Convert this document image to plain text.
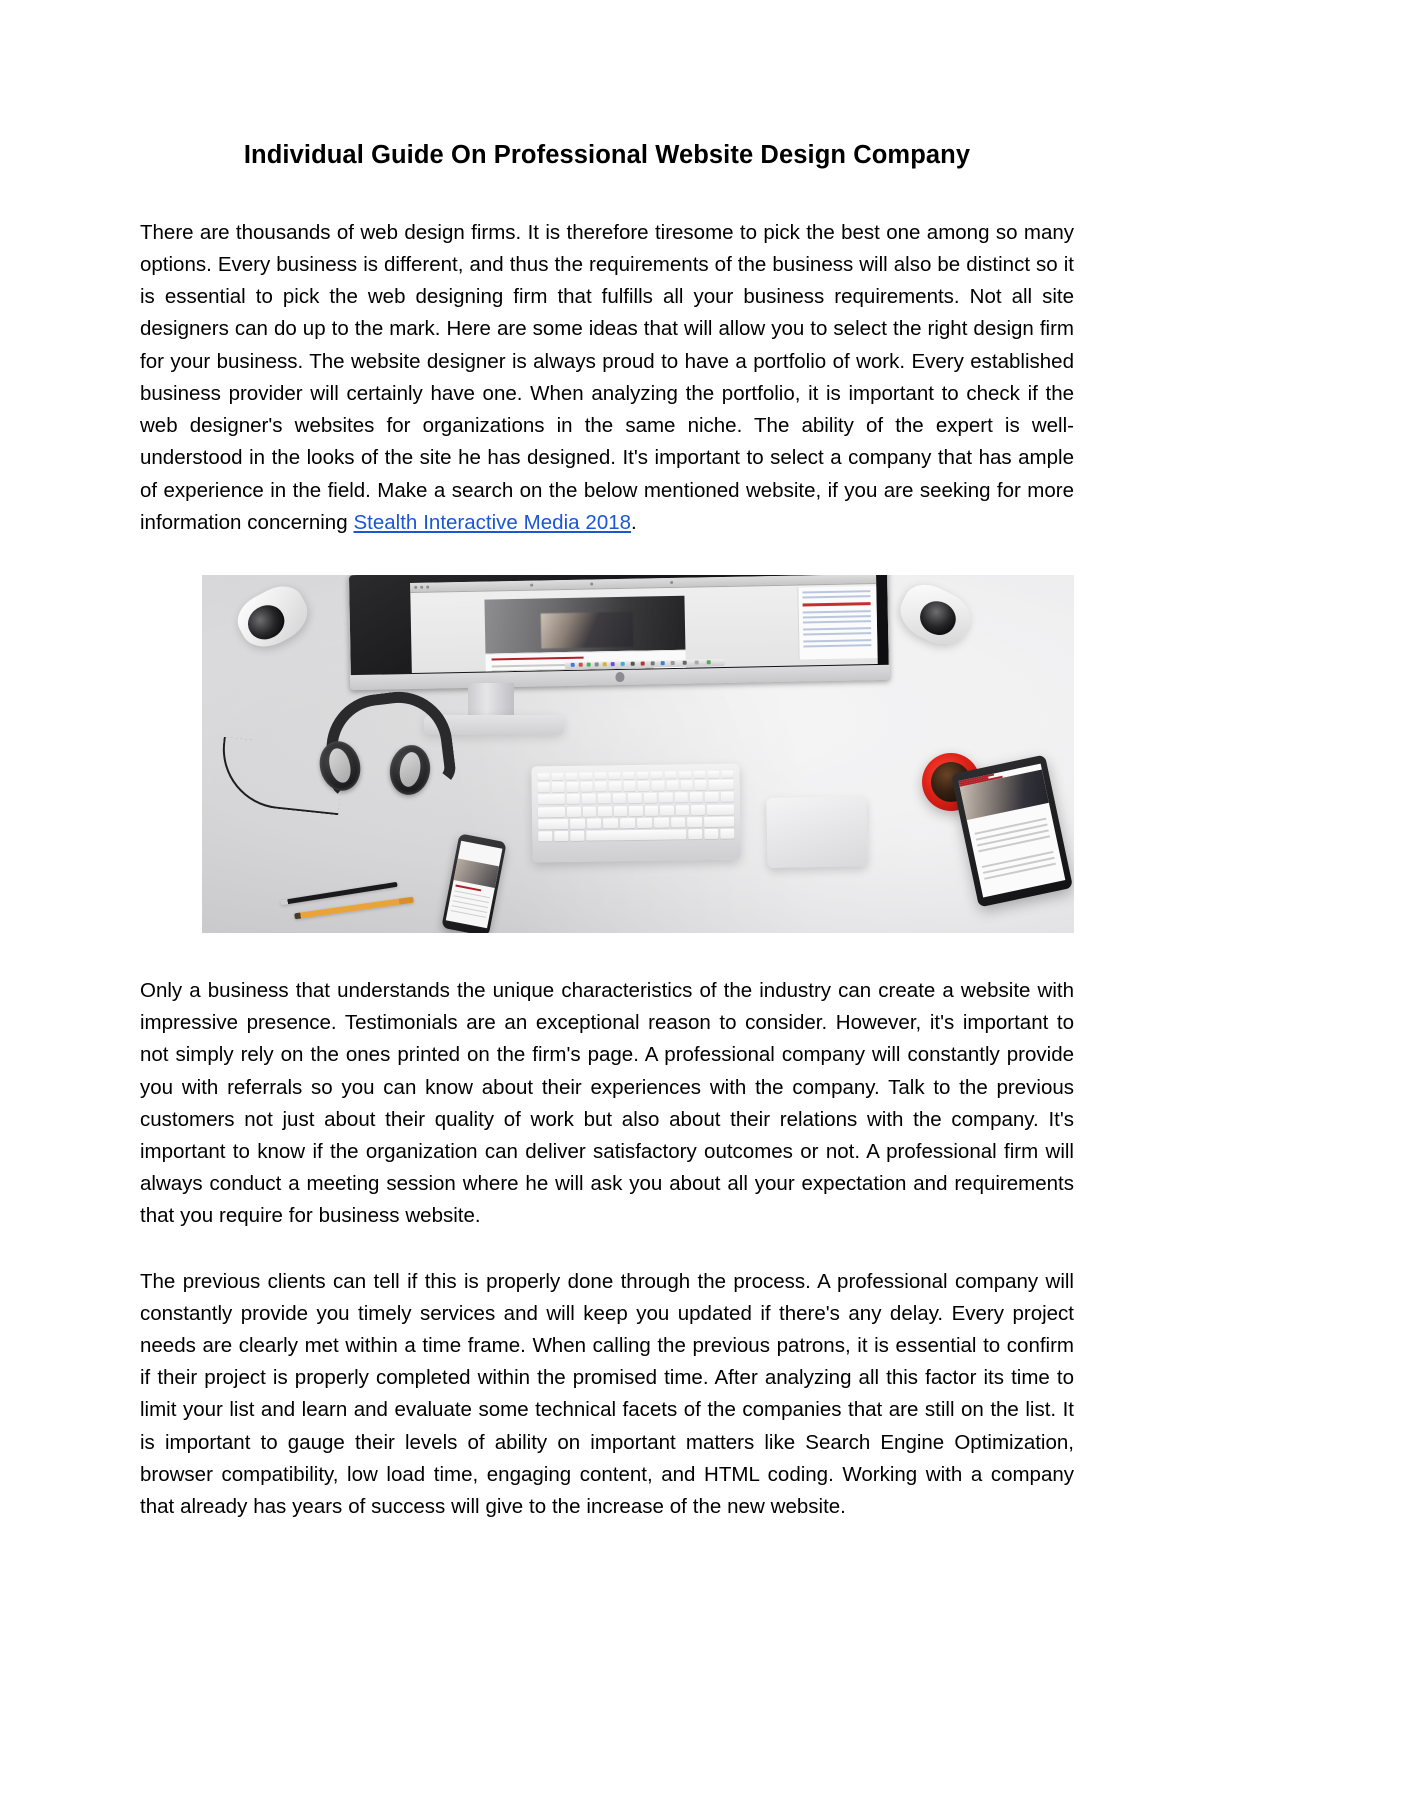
Individual Guide On Professional Website Design Company

There are thousands of web design firms. It is therefore tiresome to pick the best one among so many options. Every business is different, and thus the requirements of the business will also be distinct so it is essential to pick the web designing firm that fulfills all your business requirements. Not all site designers can do up to the mark. Here are some ideas that will allow you to select the right design firm for your business. The website designer is always proud to have a portfolio of work. Every established business provider will certainly have one. When analyzing the portfolio, it is important to check if the web designer's websites for organizations in the same niche. The ability of the expert is well-understood in the looks of the site he has designed. It's important to select a company that has ample of experience in the field. Make a search on the below mentioned website, if you are seeking for more information concerning Stealth Interactive Media 2018.

Only a business that understands the unique characteristics of the industry can create a website with impressive presence. Testimonials are an exceptional reason to consider. However, it's important to not simply rely on the ones printed on the firm's page. A professional company will constantly provide you with referrals so you can know about their experiences with the company. Talk to the previous customers not just about their quality of work but also about their relations with the company. It's important to know if the organization can deliver satisfactory outcomes or not. A professional firm will always conduct a meeting session where he will ask you about all your expectation and requirements that you require for business website.

The previous clients can tell if this is properly done through the process. A professional company will constantly provide you timely services and will keep you updated if there's any delay. Every project needs are clearly met within a time frame. When calling the previous patrons, it is essential to confirm if their project is properly completed within the promised time. After analyzing all this factor its time to limit your list and learn and evaluate some technical facets of the companies that are still on the list. It is important to gauge their levels of ability on important matters like Search Engine Optimization, browser compatibility, low load time, engaging content, and HTML coding. Working with a company that already has years of success will give to the increase of the new website.
